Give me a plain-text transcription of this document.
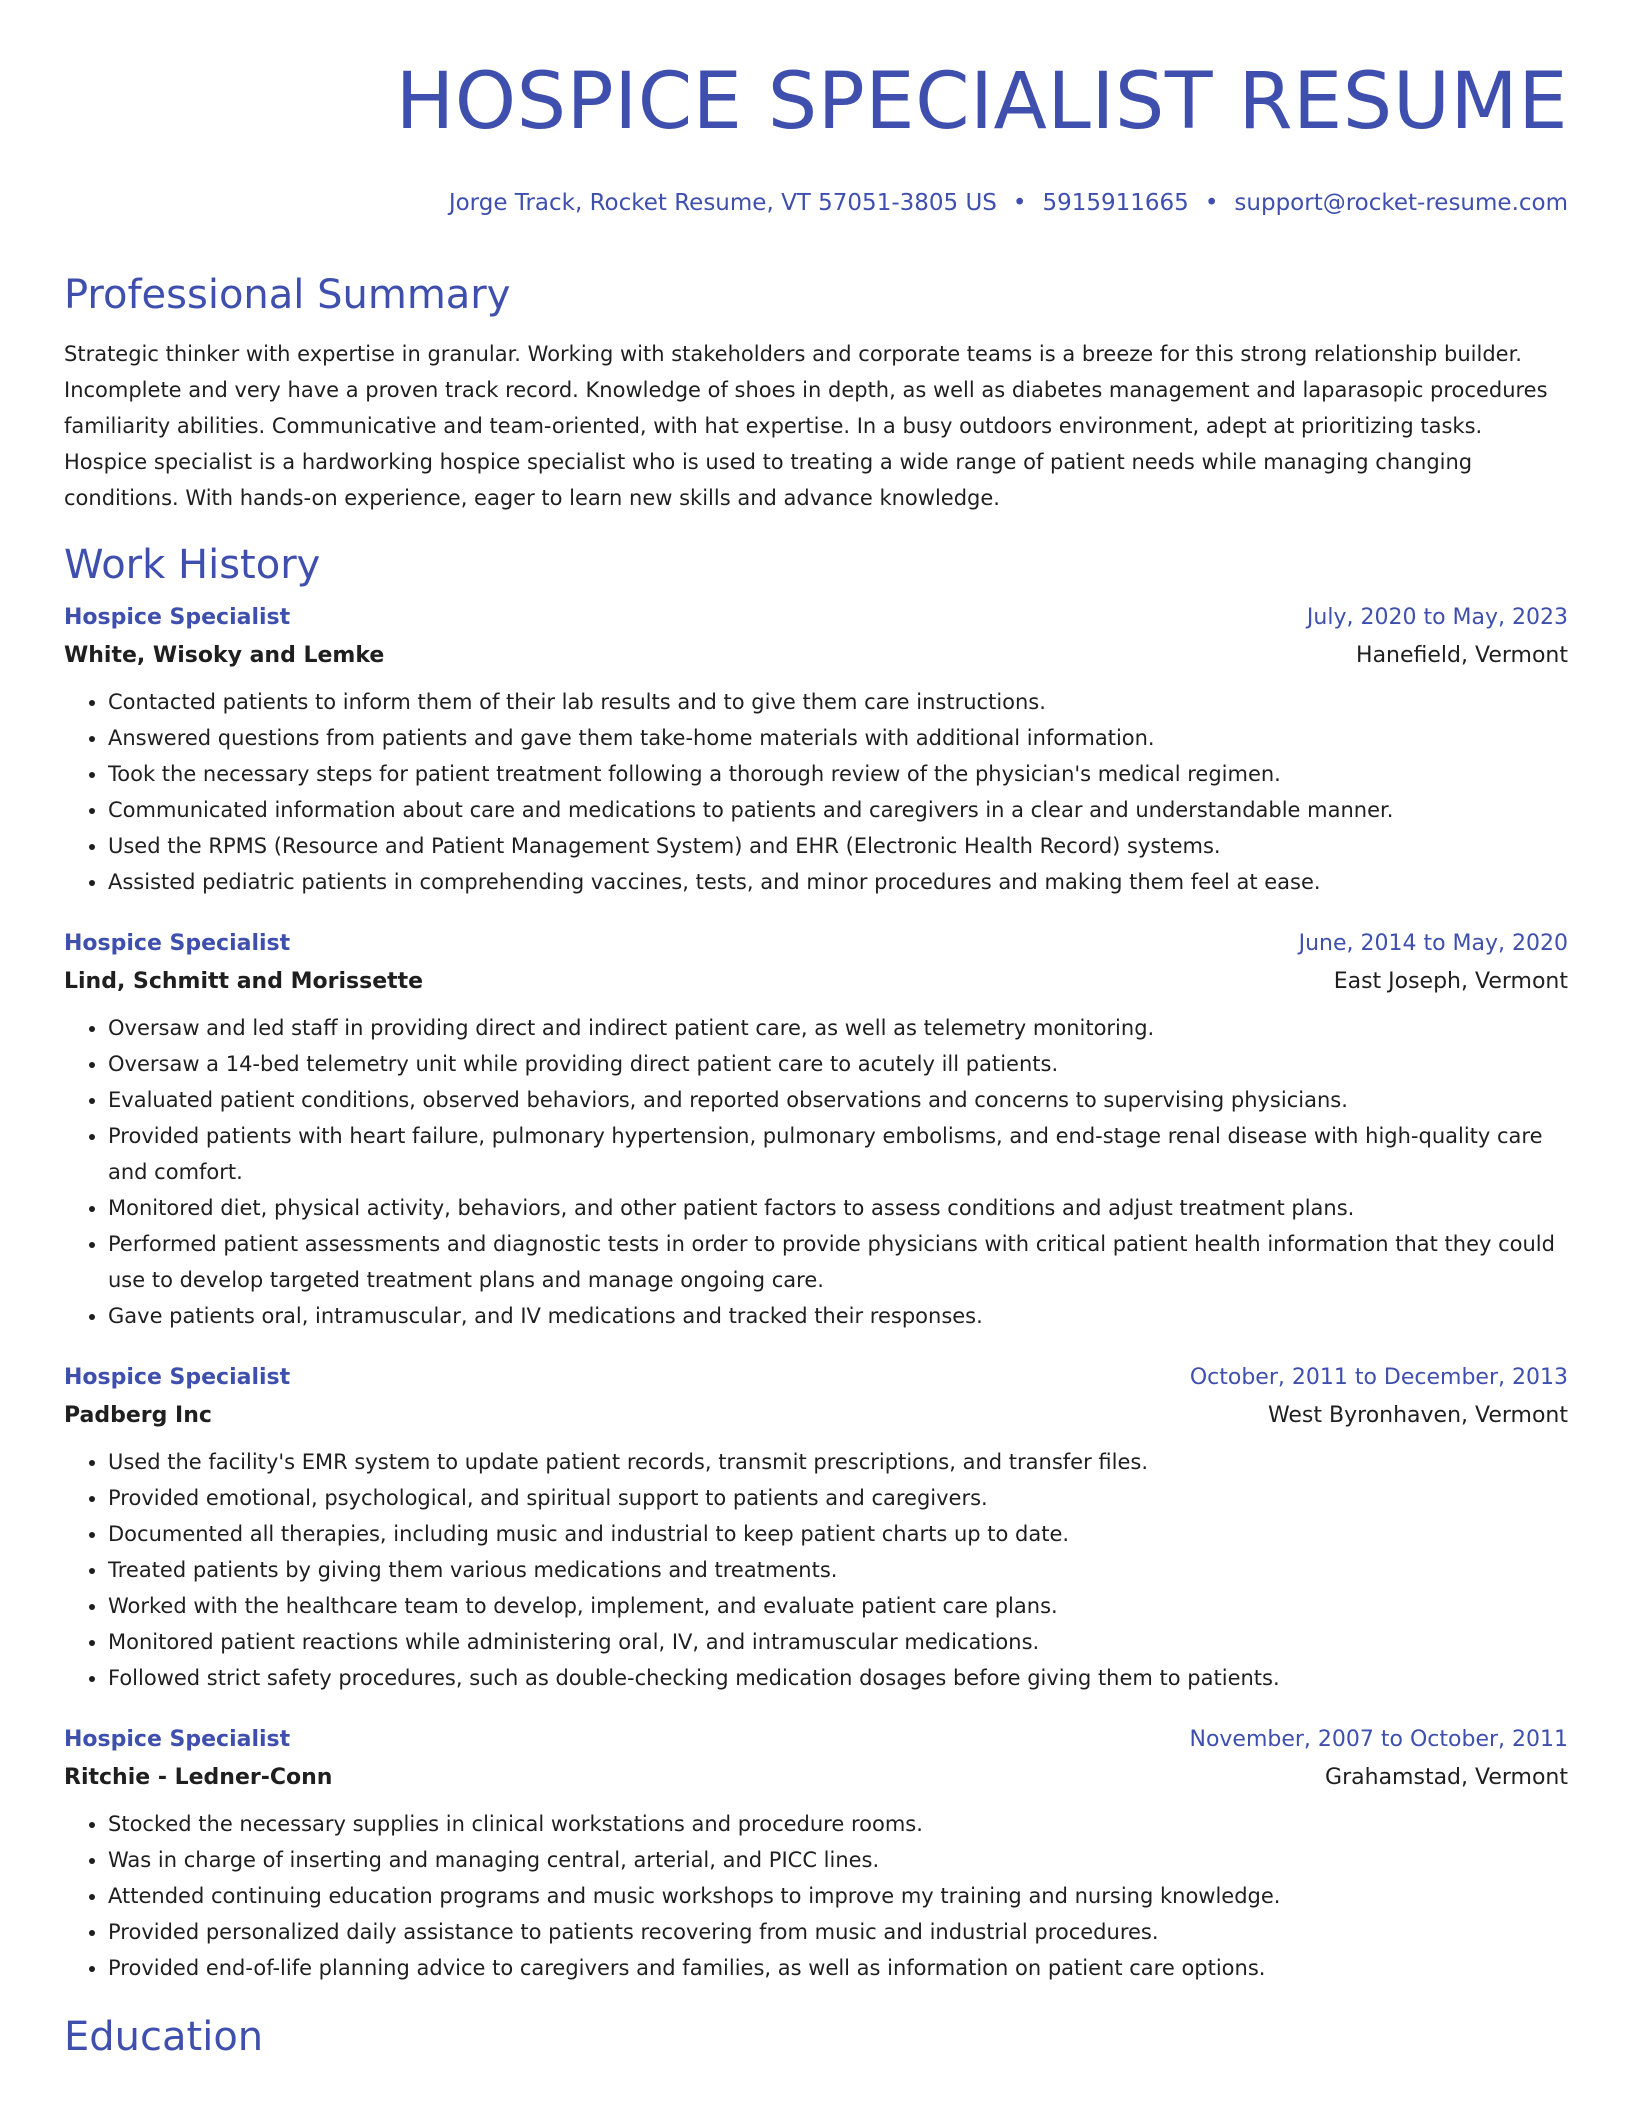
HOSPICE SPECIALIST RESUME
Jorge Track, Rocket Resume, VT 57051-3805 US • 5915911665 • support@rocket-resume.com
Professional Summary
Strategic thinker with expertise in granular. Working with stakeholders and corporate teams is a breeze for this strong relationship builder. Incomplete and very have a proven track record. Knowledge of shoes in depth, as well as diabetes management and laparasopic procedures familiarity abilities. Communicative and team-oriented, with hat expertise. In a busy outdoors environment, adept at prioritizing tasks. Hospice specialist is a hardworking hospice specialist who is used to treating a wide range of patient needs while managing changing conditions. With hands-on experience, eager to learn new skills and advance knowledge.
Work History
Hospice Specialist	July, 2020 to May, 2023
White, Wisoky and Lemke	Hanefield, Vermont
• Contacted patients to inform them of their lab results and to give them care instructions.
• Answered questions from patients and gave them take-home materials with additional information.
• Took the necessary steps for patient treatment following a thorough review of the physician's medical regimen.
• Communicated information about care and medications to patients and caregivers in a clear and understandable manner.
• Used the RPMS (Resource and Patient Management System) and EHR (Electronic Health Record) systems.
• Assisted pediatric patients in comprehending vaccines, tests, and minor procedures and making them feel at ease.
Hospice Specialist	June, 2014 to May, 2020
Lind, Schmitt and Morissette	East Joseph, Vermont
• Oversaw and led staff in providing direct and indirect patient care, as well as telemetry monitoring.
• Oversaw a 14-bed telemetry unit while providing direct patient care to acutely ill patients.
• Evaluated patient conditions, observed behaviors, and reported observations and concerns to supervising physicians.
• Provided patients with heart failure, pulmonary hypertension, pulmonary embolisms, and end-stage renal disease with high-quality care and comfort.
• Monitored diet, physical activity, behaviors, and other patient factors to assess conditions and adjust treatment plans.
• Performed patient assessments and diagnostic tests in order to provide physicians with critical patient health information that they could use to develop targeted treatment plans and manage ongoing care.
• Gave patients oral, intramuscular, and IV medications and tracked their responses.
Hospice Specialist	October, 2011 to December, 2013
Padberg Inc	West Byronhaven, Vermont
• Used the facility's EMR system to update patient records, transmit prescriptions, and transfer files.
• Provided emotional, psychological, and spiritual support to patients and caregivers.
• Documented all therapies, including music and industrial to keep patient charts up to date.
• Treated patients by giving them various medications and treatments.
• Worked with the healthcare team to develop, implement, and evaluate patient care plans.
• Monitored patient reactions while administering oral, IV, and intramuscular medications.
• Followed strict safety procedures, such as double-checking medication dosages before giving them to patients.
Hospice Specialist	November, 2007 to October, 2011
Ritchie - Ledner-Conn	Grahamstad, Vermont
• Stocked the necessary supplies in clinical workstations and procedure rooms.
• Was in charge of inserting and managing central, arterial, and PICC lines.
• Attended continuing education programs and music workshops to improve my training and nursing knowledge.
• Provided personalized daily assistance to patients recovering from music and industrial procedures.
• Provided end-of-life planning advice to caregivers and families, as well as information on patient care options.
Education
